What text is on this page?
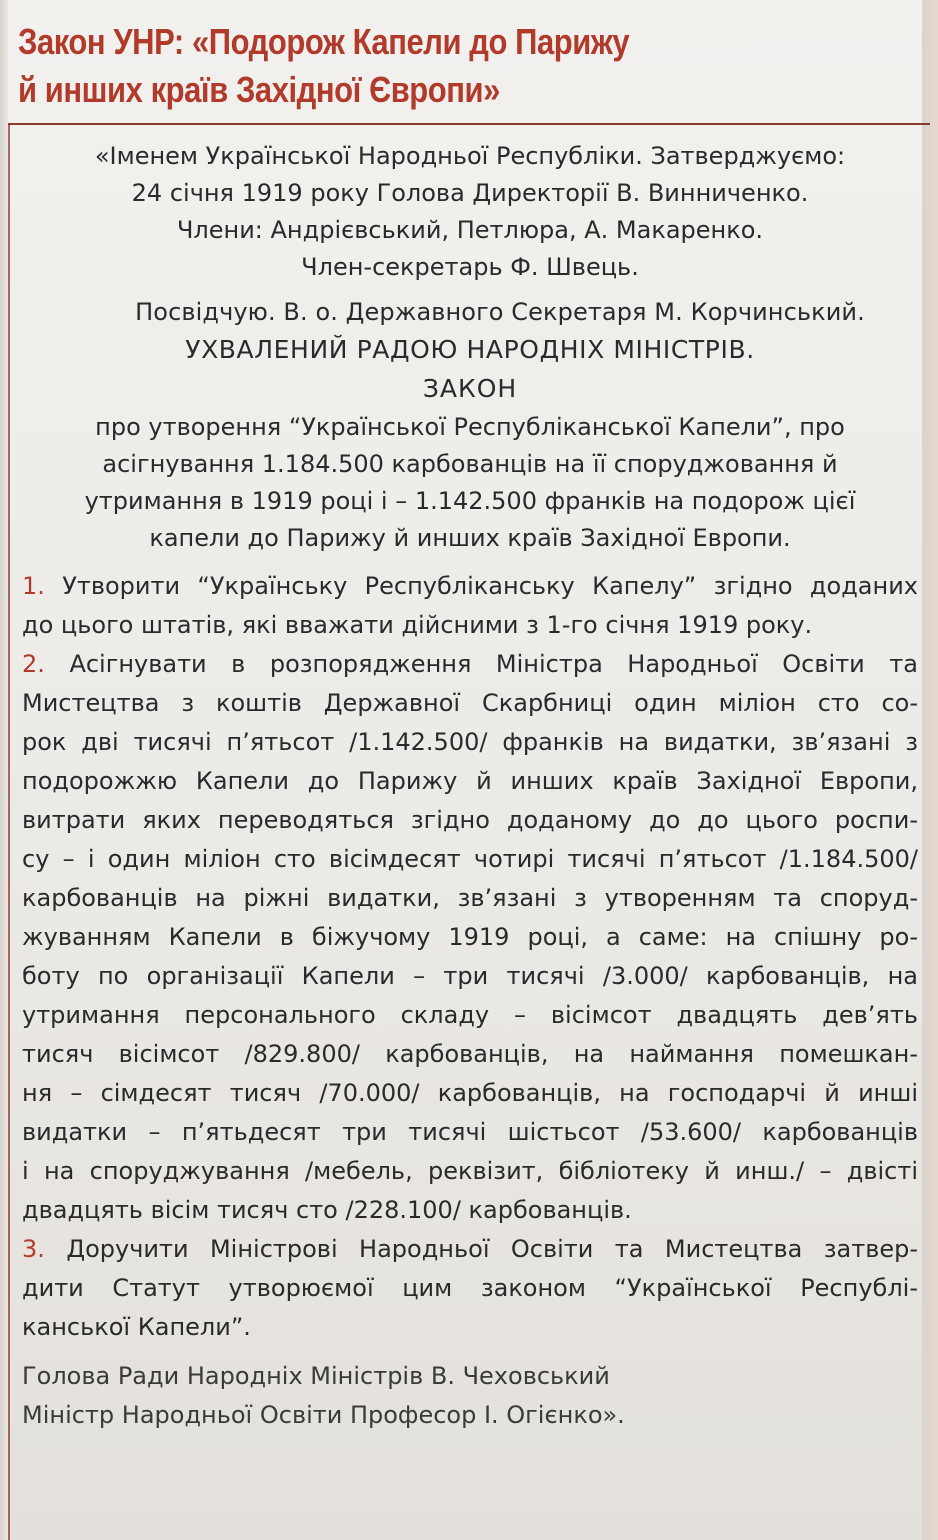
Закон УНР: «Подорож Капели до Парижу
й инших країв Західної Європи»
«Іменем Української Народньої Республіки. Затверджуємо:
24 січня 1919 року Голова Директорії В. Винниченко.
Члени: Андрієвський, Петлюра, А. Макаренко.
Член-секретарь Ф. Швець.
Посвідчую. В. о. Державного Секретаря М. Корчинський.
УХВАЛЕНИЙ РАДОЮ НАРОДНІХ МІНІСТРІВ.
ЗАКОН
про утворення “Української Республіканської Капели”, про
асігнування 1.184.500 карбованців на її споруджовання й
утримання в 1919 році і – 1.142.500 франків на подорож цієї
капели до Парижу й инших країв Західної Европи.
1. Утворити “Українську Республіканську Капелу” згідно доданих
до цього штатів, які вважати дійсними з 1-го січня 1919 року.
2. Асігнувати в розпорядження Міністра Народньої Освіти та
Мистецтва з коштів Державної Скарбниці один міліон сто со-
рок дві тисячі п’ятьсот /1.142.500/ франків на видатки, зв’язані з
подорожжю Капели до Парижу й инших країв Західної Европи,
витрати яких переводяться згідно доданому до до цього роспи-
су – і один міліон сто вісімдесят чотирі тисячі п’ятьсот /1.184.500/
карбованців на ріжні видатки, зв’язані з утворенням та споруд-
жуванням Капели в біжучому 1919 році, а саме: на спішну ро-
боту по організації Капели – три тисячі /3.000/ карбованців, на
утримання персонального складу – вісімсот двадцять дев’ять
тисяч вісімсот /829.800/ карбованців, на наймання помешкан-
ня – сімдесят тисяч /70.000/ карбованців, на господарчі й инші
видатки – п’ятьдесят три тисячі шістьсот /53.600/ карбованців
і на споруджування /мебель, реквізит, бібліотеку й инш./ – двісті
двадцять вісім тисяч сто /228.100/ карбованців.
3. Доручити Міністрові Народньої Освіти та Мистецтва затвер-
дити Статут утворюємої цим законом “Української Республі-
канської Капели”.
Голова Ради Народніх Міністрів В. Чеховський
Міністр Народньої Освіти Професор І. Огієнко».
